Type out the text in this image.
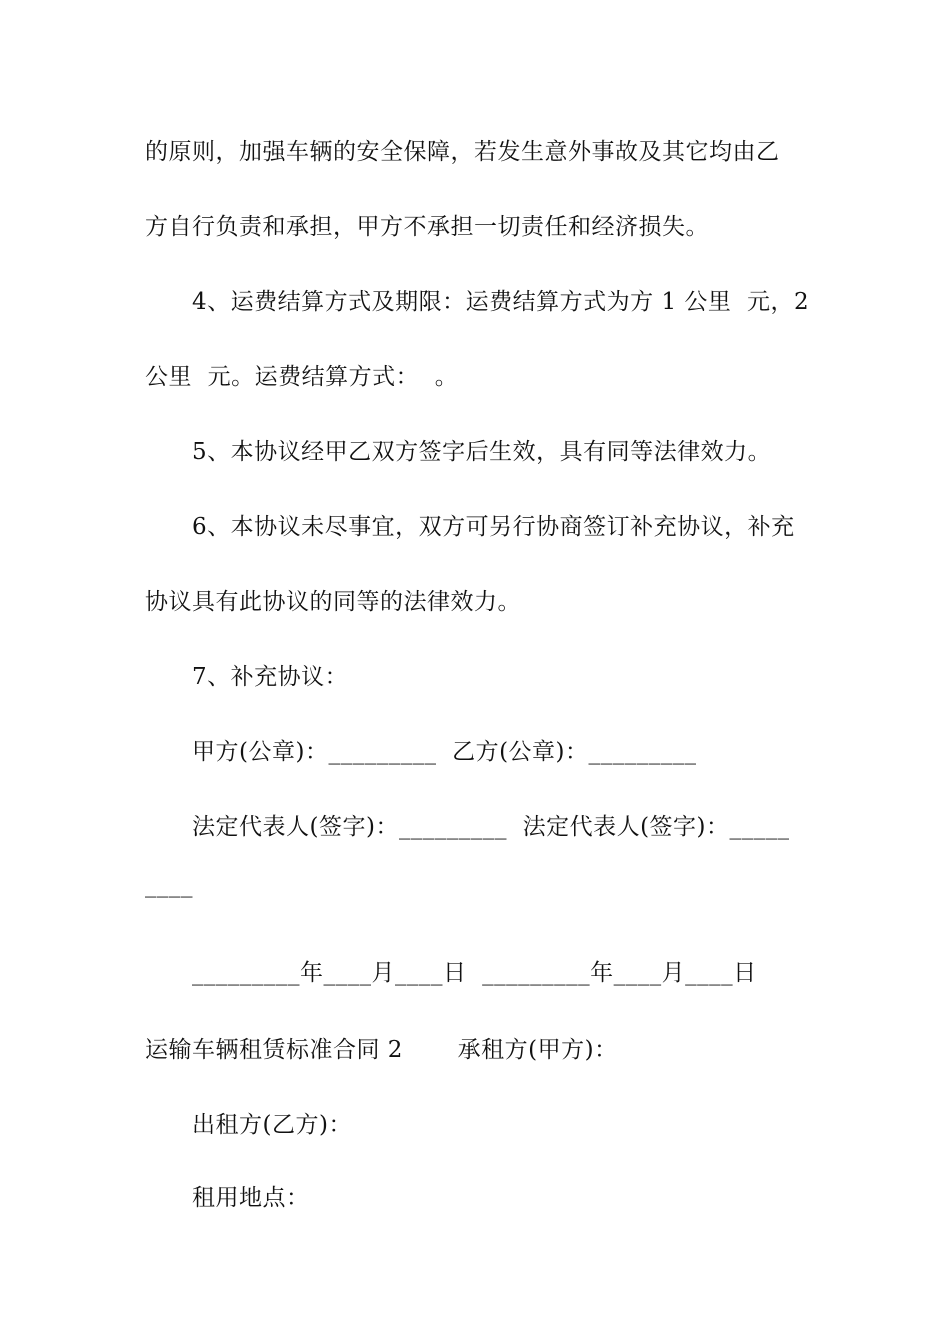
的原则，加强车辆的安全保障，若发生意外事故及其它均由乙
方自行负责和承担，甲方不承担一切责任和经济损失。
4、运费结算方式及期限：运费结算方式为方 1 公里  元，2
公里  元。运费结算方式：  。
5、本协议经甲乙双方签字后生效，具有同等法律效力。
6、本协议未尽事宜，双方可另行协商签订补充协议，补充
协议具有此协议的同等的法律效力。
7、补充协议：
甲方(公章)：_________  乙方(公章)：_________
法定代表人(签字)：_________  法定代表人(签字)：_____
____
_________年____月____日  _________年____月____日
运输车辆租赁标准合同 2       承租方(甲方)：
出租方(乙方)：
租用地点：
